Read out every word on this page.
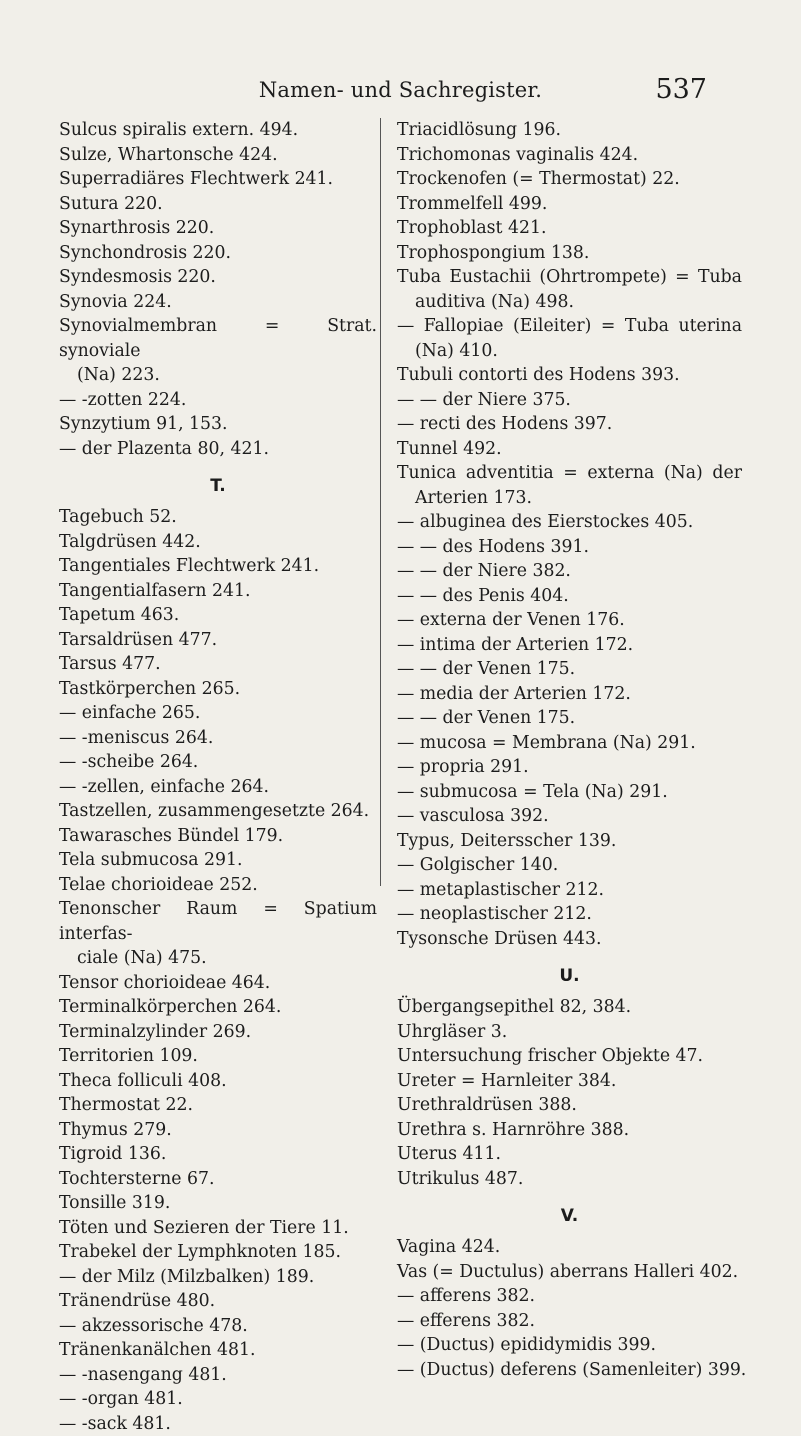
Namen- und Sachregister.	537
Sulcus spiralis extern. 494.
Sulze, Whartonsche 424.
Superradiäres Flechtwerk 241.
Sutura 220.
Synarthrosis 220.
Synchondrosis 220.
Syndesmosis 220.
Synovia 224.
Synovialmembran = Strat. synoviale
(Na) 223.
— -zotten 224.
Synzytium 91, 153.
— der Plazenta 80, 421.
T.
Tagebuch 52.
Talgdrüsen 442.
Tangentiales Flechtwerk 241.
Tangentialfasern 241.
Tapetum 463.
Tarsaldrüsen 477.
Tarsus 477.
Tastkörperchen 265.
— einfache 265.
— -meniscus 264.
— -scheibe 264.
— -zellen, einfache 264.
Tastzellen, zusammengesetzte 264.
Tawarasches Bündel 179.
Tela submucosa 291.
Telae chorioideae 252.
Tenonscher Raum = Spatium interfas-
ciale (Na) 475.
Tensor chorioideae 464.
Terminalkörperchen 264.
Terminalzylinder 269.
Territorien 109.
Theca folliculi 408.
Thermostat 22.
Thymus 279.
Tigroid 136.
Tochtersterne 67.
Tonsille 319.
Töten und Sezieren der Tiere 11.
Trabekel der Lymphknoten 185.
— der Milz (Milzbalken) 189.
Tränendrüse 480.
— akzessorische 478.
Tränenkanälchen 481.
— -nasengang 481.
— -organ 481.
— -sack 481.
Triacidlösung 196.
Trichomonas vaginalis 424.
Trockenofen (= Thermostat) 22.
Trommelfell 499.
Trophoblast 421.
Trophospongium 138.
Tuba Eustachii (Ohrtrompete) = Tuba
auditiva (Na) 498.
— Fallopiae (Eileiter) = Tuba uterina
(Na) 410.
Tubuli contorti des Hodens 393.
— — der Niere 375.
— recti des Hodens 397.
Tunnel 492.
Tunica adventitia = externa (Na) der
Arterien 173.
— albuginea des Eierstockes 405.
— — des Hodens 391.
— — der Niere 382.
— — des Penis 404.
— externa der Venen 176.
— intima der Arterien 172.
— — der Venen 175.
— media der Arterien 172.
— — der Venen 175.
— mucosa = Membrana (Na) 291.
— propria 291.
— submucosa = Tela (Na) 291.
— vasculosa 392.
Typus, Deitersscher 139.
— Golgischer 140.
— metaplastischer 212.
— neoplastischer 212.
Tysonsche Drüsen 443.
U.
Übergangsepithel 82, 384.
Uhrgläser 3.
Untersuchung frischer Objekte 47.
Ureter = Harnleiter 384.
Urethraldrüsen 388.
Urethra s. Harnröhre 388.
Uterus 411.
Utrikulus 487.
V.
Vagina 424.
Vas (= Ductulus) aberrans Halleri 402.
— afferens 382.
— efferens 382.
— (Ductus) epididymidis 399.
— (Ductus) deferens (Samenleiter) 399.
